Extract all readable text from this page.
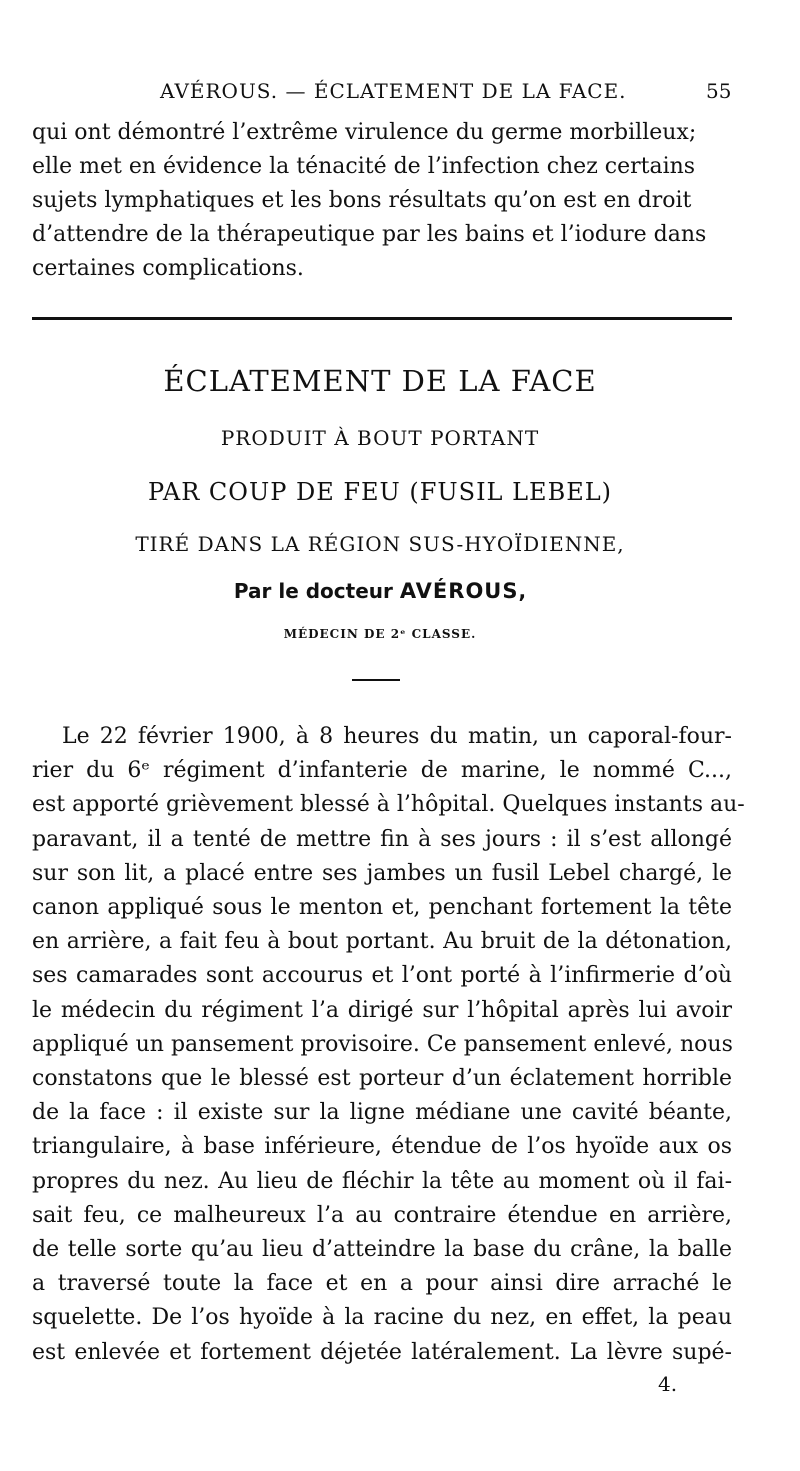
AVÉROUS. — ÉCLATEMENT DE LA FACE.	55
qui ont démontré l’extrême virulence du germe morbilleux;
elle met en évidence la ténacité de l’infection chez certains
sujets lymphatiques et les bons résultats qu’on est en droit
d’attendre de la thérapeutique par les bains et l’iodure dans
certaines complications.
ÉCLATEMENT DE LA FACE
PRODUIT À BOUT PORTANT
PAR COUP DE FEU (FUSIL LEBEL)
TIRÉ DANS LA RÉGION SUS-HYOÏDIENNE,
Par le docteur AVÉROUS,
MÉDECIN DE 2ᵉ CLASSE.
Le 22 février 1900, à 8 heures du matin, un caporal-four-
rier du 6ᵉ régiment d’infanterie de marine, le nommé C...,
est apporté grièvement blessé à l’hôpital. Quelques instants au-
paravant, il a tenté de mettre fin à ses jours : il s’est allongé
sur son lit, a placé entre ses jambes un fusil Lebel chargé, le
canon appliqué sous le menton et, penchant fortement la tête
en arrière, a fait feu à bout portant. Au bruit de la détonation,
ses camarades sont accourus et l’ont porté à l’infirmerie d’où
le médecin du régiment l’a dirigé sur l’hôpital après lui avoir
appliqué un pansement provisoire. Ce pansement enlevé, nous
constatons que le blessé est porteur d’un éclatement horrible
de la face : il existe sur la ligne médiane une cavité béante,
triangulaire, à base inférieure, étendue de l’os hyoïde aux os
propres du nez. Au lieu de fléchir la tête au moment où il fai-
sait feu, ce malheureux l’a au contraire étendue en arrière,
de telle sorte qu’au lieu d’atteindre la base du crâne, la balle
a traversé toute la face et en a pour ainsi dire arraché le
squelette. De l’os hyoïde à la racine du nez, en effet, la peau
est enlevée et fortement déjetée latéralement. La lèvre supé-
4.
